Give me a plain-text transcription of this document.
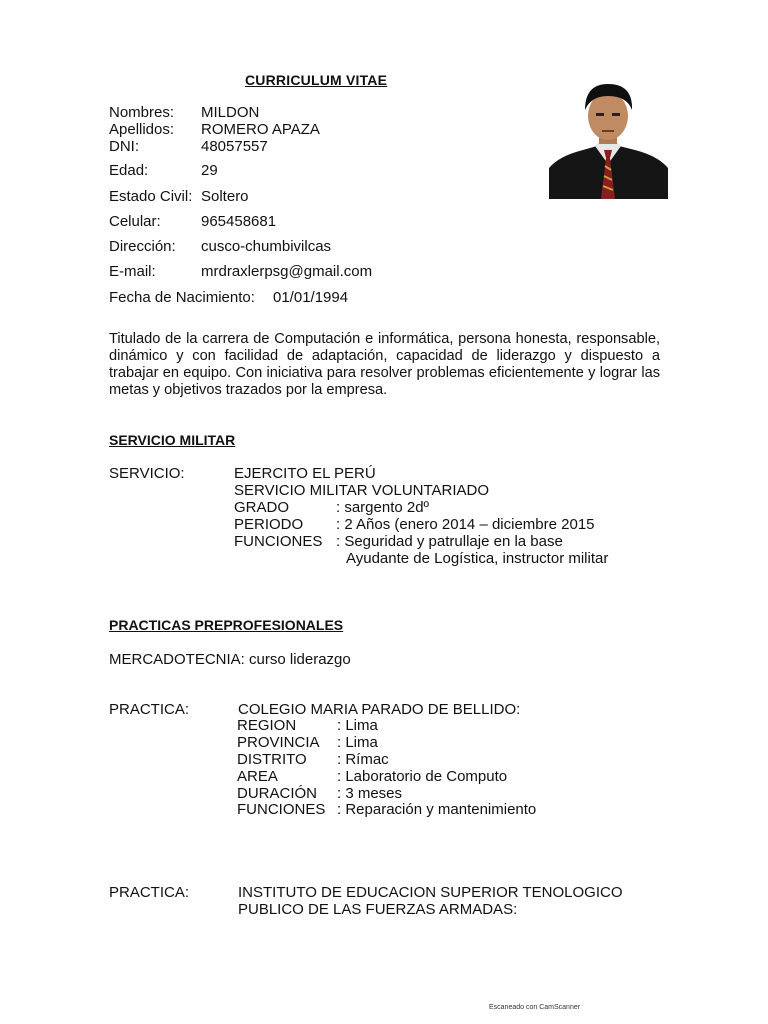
CURRICULUM VITAE
Nombres: MILDON
Apellidos: ROMERO APAZA
DNI:	48057557
Edad:	29
Estado Civil: Soltero
Celular:	965458681
Dirección: cusco-chumbivilcas
E-mail:	mrdraxlerpsg@gmail.com
Fecha de Nacimiento: 01/01/1994
Titulado de la carrera de Computación e informática, persona honesta, responsable, dinámico y con facilidad de adaptación, capacidad de liderazgo y dispuesto a trabajar en equipo. Con iniciativa para resolver problemas eficientemente y lograr las metas y objetivos trazados por la empresa.
SERVICIO MILITAR
SERVICIO:	EJERCITO EL PERÚ
SERVICIO MILITAR VOLUNTARIADO
GRADO	: sargento 2dº
PERIODO : 2 Años (enero 2014 – diciembre 2015
FUNCIONES : Seguridad y patrullaje en la base
Ayudante de Logística, instructor militar
PRACTICAS PREPROFESIONALES
MERCADOTECNIA: curso liderazgo
PRACTICA:	COLEGIO MARIA PARADO DE BELLIDO:
REGION	: Lima
PROVINCIA : Lima
DISTRITO : Rímac
AREA	: Laboratorio de Computo
DURACIÓN : 3 meses
FUNCIONES : Reparación y mantenimiento
PRACTICA:	INSTITUTO DE EDUCACION SUPERIOR TENOLOGICO
PUBLICO DE LAS FUERZAS ARMADAS:
Escaneado con CamScanner
